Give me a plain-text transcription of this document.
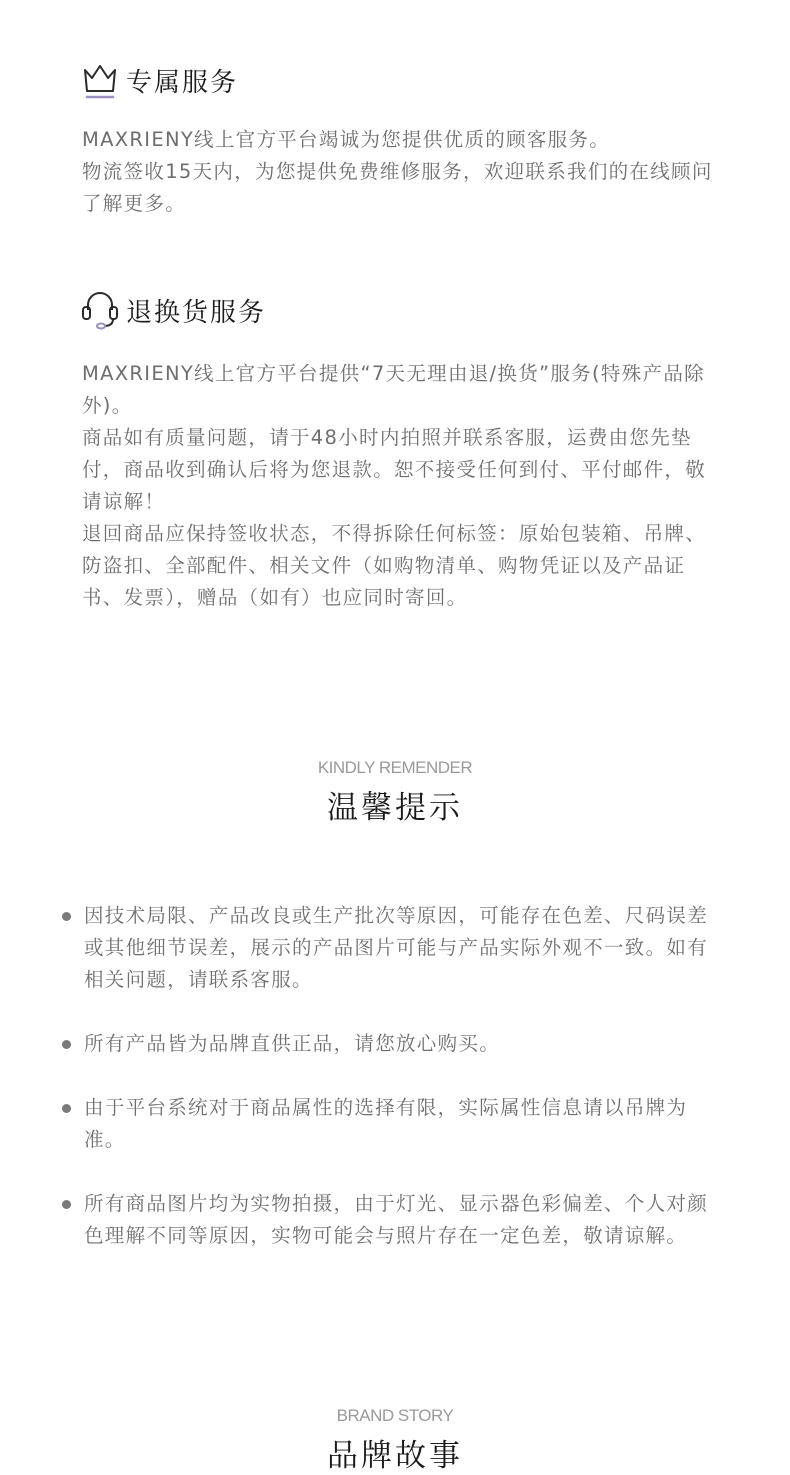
专属服务

MAXRIENY线上官方平台竭诚为您提供优质的顾客服务。

物流签收15天内，为您提供免费维修服务，欢迎联系我们的在线顾问了解更多。

退换货服务

MAXRIENY线上官方平台提供“7天无理由退/换货”服务(特殊产品除外)。

商品如有质量问题，请于48小时内拍照并联系客服，运费由您先垫付，商品收到确认后将为您退款。恕不接受任何到付、平付邮件，敬请谅解！

退回商品应保持签收状态，不得拆除任何标签：原始包装箱、吊牌、防盗扣、全部配件、相关文件（如购物清单、购物凭证以及产品证书、发票），赠品（如有）也应同时寄回。

KINDLY REMENDER
温馨提示
因技术局限、产品改良或生产批次等原因，可能存在色差、尺码误差或其他细节误差，展示的产品图片可能与产品实际外观不一致。如有相关问题，请联系客服。
所有产品皆为品牌直供正品，请您放心购买。
由于平台系统对于商品属性的选择有限，实际属性信息请以吊牌为准。
所有商品图片均为实物拍摄，由于灯光、显示器色彩偏差、个人对颜色理解不同等原因，实物可能会与照片存在一定色差，敬请谅解。
BRAND STORY
品牌故事
